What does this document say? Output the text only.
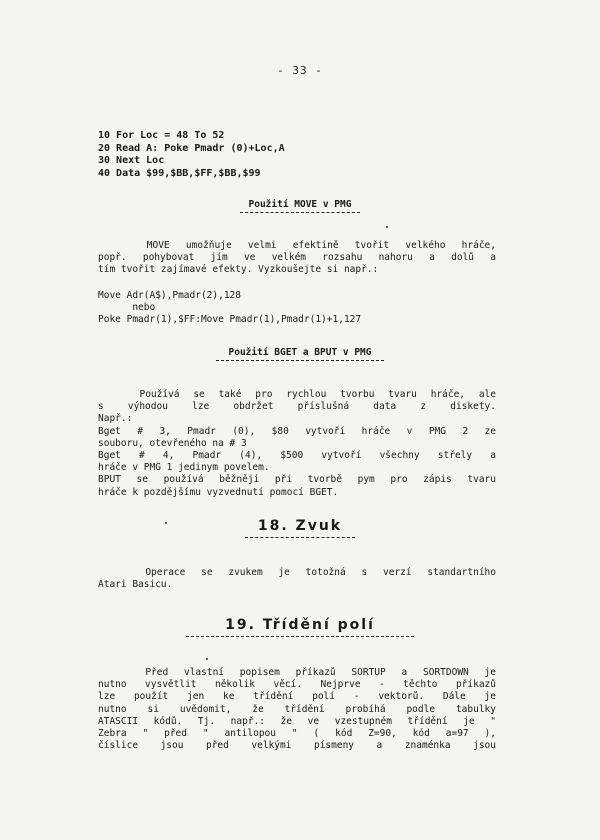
- 33 -
10 For Loc = 48 To 52
20 Read A: Poke Pmadr (0)+Loc,A
30 Next Loc
40 Data $99,$BB,$FF,$BB,$99
Použití MOVE v PMG
MOVE umožňuje velmi efektině tvořit velkého hráče,
popř. pohybovat jím ve velkém rozsahu nahoru a dolů a
tím tvořit zajímavé efekty. Vyzkoušejte si např.:
Move Adr(A$),Pmadr(2),128
nebo
Poke Pmadr(1),$FF:Move Pmadr(1),Pmadr(1)+1,127
Použití BGET a BPUT v PMG
Používá se také pro rychlou tvorbu tvaru hráče, ale
s výhodou lze obdržet příslušná data z diskety.
Např.:
Bget # 3, Pmadr (0), $80 vytvoří hráče v PMG 2 ze
souboru, otevřeného na # 3
Bget # 4, Pmadr (4), $500 vytvoří všechny střely a
hráče v PMG 1 jedinym povelem.
BPUT se používá běžněji při tvorbě pym pro zápis tvaru
hráče k pozdějšímu vyzvednutí pomocí BGET.
18. Zvuk
Operace se zvukem je totožná s verzí standartního
Atari Basicu.
19. Třídění polí
Před vlastní popisem příkazů SORTUP a SORTDOWN je
nutno vysvětlit několik věcí. Nejprve - těchto příkazů
lze použít jen ke třídění polí - vektorů. Dále je
nutno si uvědomit, že třídění probíhá podle tabulky
ATASCII kódů. Tj. např.: že ve vzestupném třídění je "
Zebra " před " antilopou " ( kód Z=90, kód a=97 ),
číslice jsou před velkými písmeny a znaménka jsou
